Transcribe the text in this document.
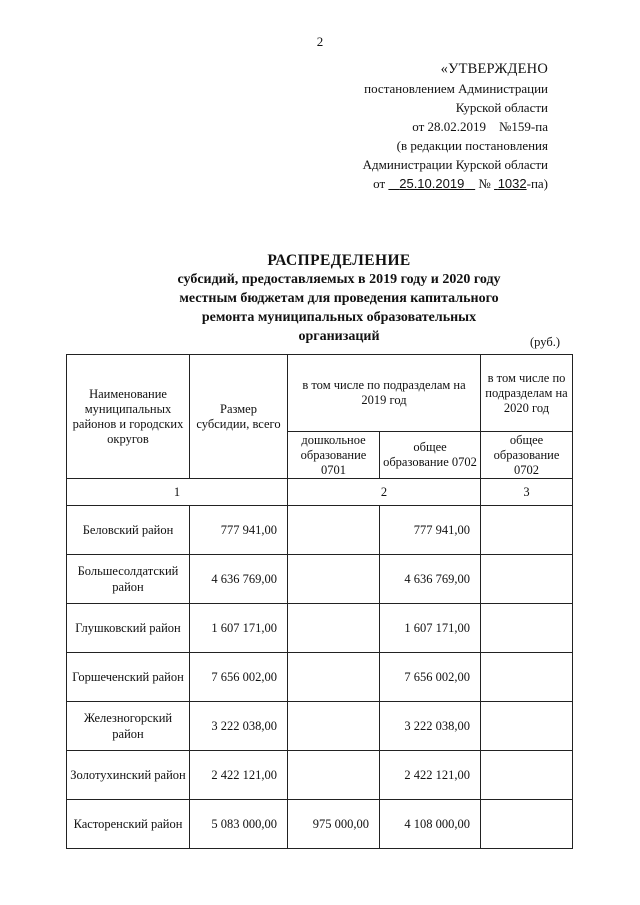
2
«УТВЕРЖДЕНО
постановлением Администрации
Курской области
от 28.02.2019 №159-па
(в редакции постановления
Администрации Курской области
от 25.10.2019 № 1032-па)
РАСПРЕДЕЛЕНИЕ
субсидий, предоставляемых в 2019 году и 2020 году
местным бюджетам для проведения капитального
ремонта муниципальных образовательных
организаций	(руб.)
Наименование муниципальных районов и городских округов	Размер субсидии, всего	в том числе по подразделам на 2019 год		в том числе по подразделам на 2020 год
		дошкольное образование 0701	общее образование 0702	общее образование 0702
1		2		3
Беловский район	777 941,00		777 941,00	
Большесолдатский район	4 636 769,00		4 636 769,00	
Глушковский район	1 607 171,00		1 607 171,00	
Горшеченский район	7 656 002,00		7 656 002,00	
Железногорский район	3 222 038,00		3 222 038,00	
Золотухинский район	2 422 121,00		2 422 121,00	
Касторенский район	5 083 000,00	975 000,00	4 108 000,00	
